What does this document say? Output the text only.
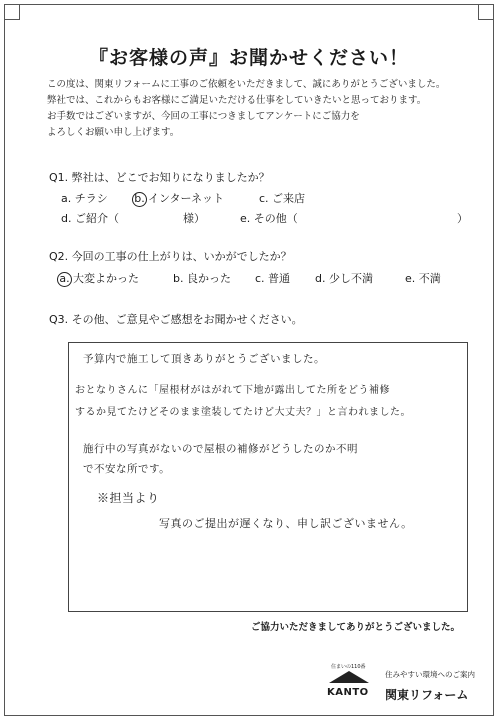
『お客様の声』お聞かせください！
この度は、関東リフォームに工事のご依頼をいただきまして、誠にありがとうございました。
弊社では、これからもお客様にご満足いただける仕事をしていきたいと思っております。
お手数ではございますが、今回の工事につきましてアンケートにご協力を
よろしくお願い申し上げます。
Q1. 弊社は、どこでお知りになりましたか？
a. チラシ b. インターネット	c. ご来店
d. ご紹介（	様）	e. その他（	）
Q2. 今回の工事の仕上がりは、いかがでしたか？
a. 大変よかった	b. 良かった c. 普通 d. 少し不満	e. 不満
Q3. その他、ご意見やご感想をお聞かせください。
予算内で施工して頂きありがとうございました。
おとなりさんに「屋根材がはがれて下地が露出してた所をどう補修
するか見てたけどそのまま塗装してたけど大丈夫？」と言われました。
施行中の写真がないので屋根の補修がどうしたのか不明
で不安な所です。
※担当より
写真のご提出が遅くなり、申し訳ございません。
ご協力いただきましてありがとうございました。
住まいの110番
KANTO
住みやすい環境へのご案内
関東リフォーム
